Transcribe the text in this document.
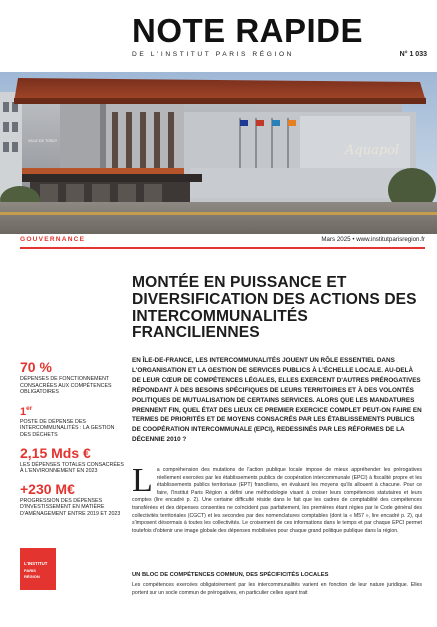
NOTE RAPIDE
DE L'INSTITUT PARIS RÉGION	N° 1 033
Aquapol
VILLE DE TORCY
GOUVERNANCE	Mars 2025 • www.institutparisregion.fr
MONTÉE EN PUISSANCE ET DIVERSIFICATION DES ACTIONS DES INTERCOMMUNALITÉS FRANCILIENNES
EN ÎLE-DE-FRANCE, LES INTERCOMMUNALITÉS JOUENT UN RÔLE ESSENTIEL DANS L'ORGANISATION ET LA GESTION DE SERVICES PUBLICS À L'ÉCHELLE LOCALE. AU-DELÀ DE LEUR CŒUR DE COMPÉTENCES LÉGALES, ELLES EXERCENT D'AUTRES PRÉROGATIVES RÉPONDANT À DES BESOINS SPÉCIFIQUES DE LEURS TERRITOIRES ET À DES VOLONTÉS POLITIQUES DE MUTUALISATION DE CERTAINS SERVICES. ALORS QUE LES MANDATURES PRENNENT FIN, QUEL ÉTAT DES LIEUX CE PREMIER EXERCICE COMPLET PEUT-ON FAIRE EN TERMES DE PRIORITÉS ET DE MOYENS CONSACRÉS PAR LES ÉTABLISSEMENTS PUBLICS DE COOPÉRATION INTERCOMMUNALE (EPCI), REDESSINÉS PAR LES RÉFORMES DE LA DÉCENNIE 2010 ?
70 %
DÉPENSES DE FONCTIONNEMENT CONSACRÉES AUX COMPÉTENCES OBLIGATOIRES
1er
POSTE DE DÉPENSE DES INTERCOMMUNALITÉS : LA GESTION DES DÉCHETS
2,15 Mds €
LES DÉPENSES TOTALES CONSACRÉES À L'ENVIRONNEMENT EN 2023
+230 M€
PROGRESSION DES DÉPENSES D'INVESTISSEMENT EN MATIÈRE D'AMÉNAGEMENT ENTRE 2019 ET 2023
L'INSTITUT
PARIS
RÉGION
L a compréhension des mutations de l'action publique locale impose de mieux appréhender les prérogatives réellement exercées par les établissements publics de coopération intercommunale (EPCI) à fiscalité propre et les établissements publics territoriaux (EPT) franciliens, en évaluant les moyens qu'ils allouent à chacune. Pour ce faire, l'Institut Paris Région a défini une méthodologie visant à croiser leurs compétences statutaires et leurs comptes (lire encadré p. 2). Une certaine difficulté réside dans le fait que les cadres de comptabilité des compétences transférées et des dépenses consenties ne coïncident pas parfaitement, les premières étant régies par le Code général des collectivités territoriales (CGCT) et les secondes par des nomenclatures comptables (dont la « M57 », lire encadré p. 2), qui s'imposent désormais à toutes les collectivités. Le croisement de ces informations dans le temps et par chaque EPCI permet toutefois d'obtenir une image globale des dépenses mobilisées pour chaque grand politique publique dans la région.

UN BLOC DE COMPÉTENCES COMMUN, DES SPÉCIFICITÉS LOCALES

Les compétences exercées obligatoirement par les intercommunalités varient en fonction de leur nature juridique. Elles portent sur un socle commun de prérogatives, en particulier celles ayant trait
